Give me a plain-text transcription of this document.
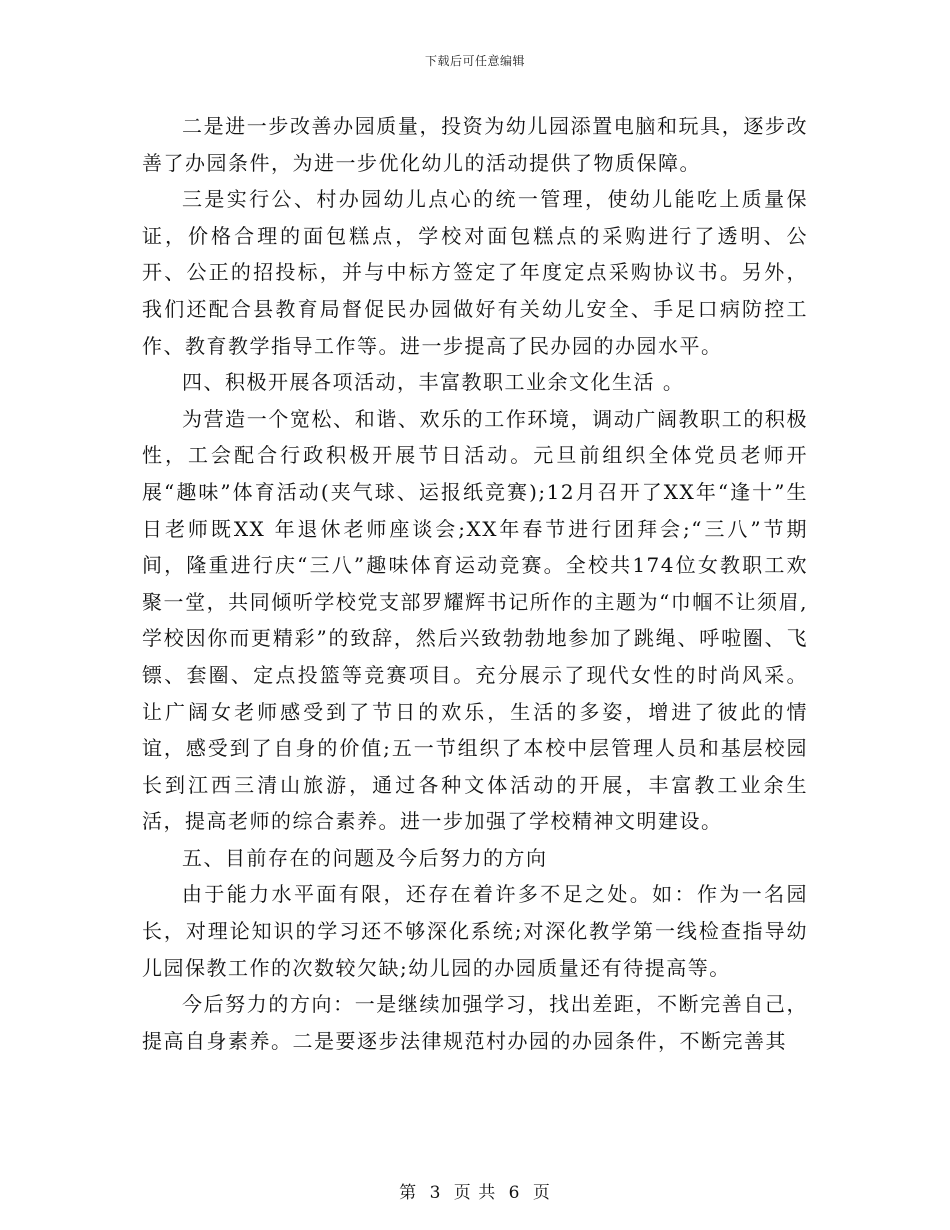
下载后可任意编辑

二是进一步改善办园质量，投资为幼儿园添置电脑和玩具，逐步改善了办园条件，为进一步优化幼儿的活动提供了物质保障。

三是实行公、村办园幼儿点心的统一管理，使幼儿能吃上质量保证，价格合理的面包糕点，学校对面包糕点的采购进行了透明、公开、公正的招投标，并与中标方签定了年度定点采购协议书。另外，我们还配合县教育局督促民办园做好有关幼儿安全、手足口病防控工作、教育教学指导工作等。进一步提高了民办园的办园水平。

四、积极开展各项活动，丰富教职工业余文化生活 。

为营造一个宽松、和谐、欢乐的工作环境，调动广阔教职工的积极性，工会配合行政积极开展节日活动。元旦前组织全体党员老师开展“趣味”体育活动(夹气球、运报纸竞赛);12月召开了XX年“逢十”生日老师既XX 年退休老师座谈会;XX年春节进行团拜会;“三八”节期间，隆重进行庆“三八”趣味体育运动竞赛。全校共174位女教职工欢聚一堂，共同倾听学校党支部罗耀辉书记所作的主题为“巾帼不让须眉,学校因你而更精彩”的致辞，然后兴致勃勃地参加了跳绳、呼啦圈、飞镖、套圈、定点投篮等竞赛项目。充分展示了现代女性的时尚风采。让广阔女老师感受到了节日的欢乐，生活的多姿，增进了彼此的情谊，感受到了自身的价值;五一节组织了本校中层管理人员和基层校园长到江西三清山旅游，通过各种文体活动的开展，丰富教工业余生活，提高老师的综合素养。进一步加强了学校精神文明建设。

五、目前存在的问题及今后努力的方向

由于能力水平面有限，还存在着许多不足之处。如：作为一名园长，对理论知识的学习还不够深化系统;对深化教学第一线检查指导幼儿园保教工作的次数较欠缺;幼儿园的办园质量还有待提高等。

今后努力的方向：一是继续加强学习，找出差距，不断完善自己，提高自身素养。二是要逐步法律规范村办园的办园条件，不断完善其

第 3 页 共 6 页
